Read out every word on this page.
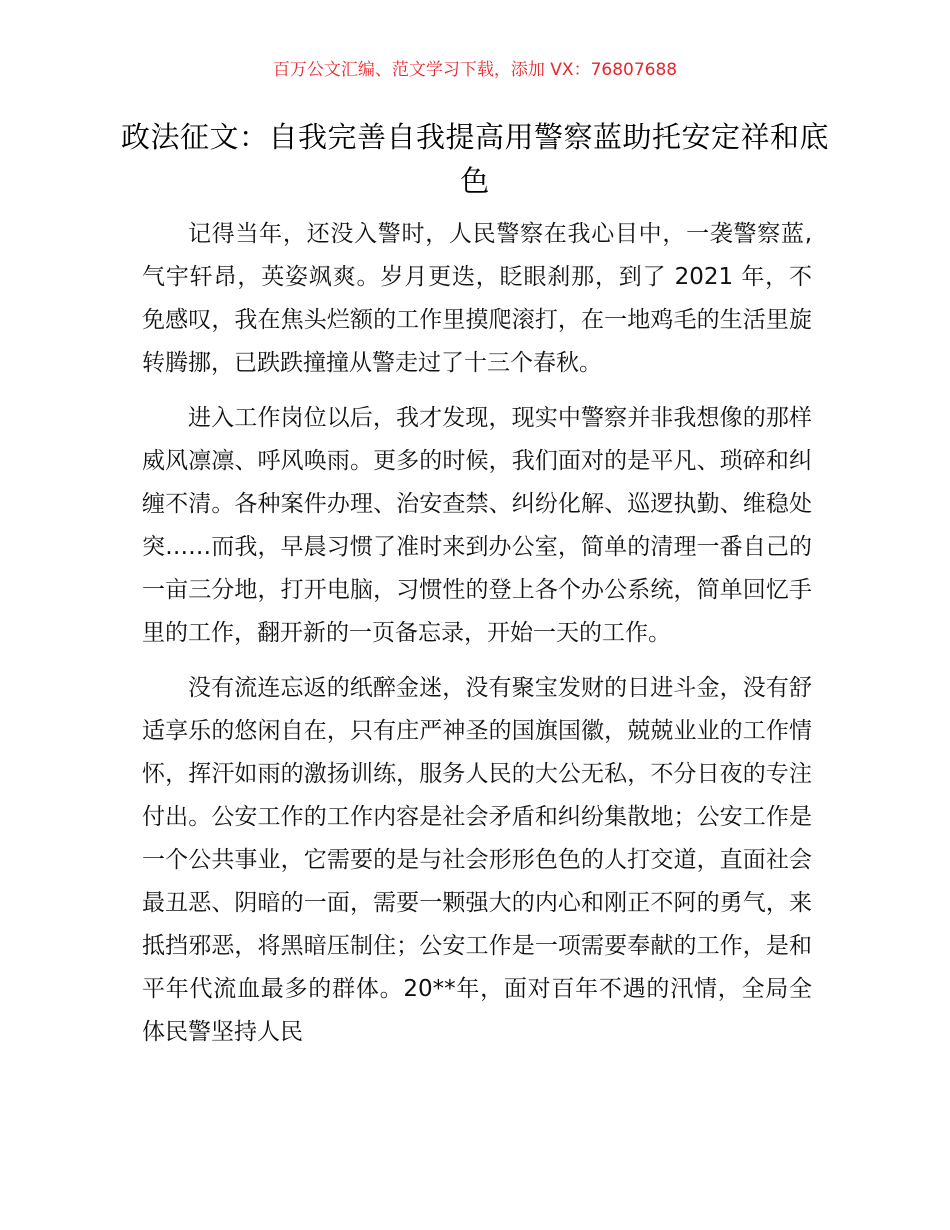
百万公文汇编、范文学习下载，添加 VX：76807688
政法征文：自我完善自我提高用警察蓝助托安定祥和底色

记得当年，还没入警时，人民警察在我心目中，一袭警察蓝,气宇轩昂，英姿飒爽。岁月更迭，眨眼刹那，到了 2021 年，不免感叹，我在焦头烂额的工作里摸爬滚打，在一地鸡毛的生活里旋转腾挪，已跌跌撞撞从警走过了十三个春秋。

进入工作岗位以后，我才发现，现实中警察并非我想像的那样威风凛凛、呼风唤雨。更多的时候，我们面对的是平凡、琐碎和纠缠不清。各种案件办理、治安查禁、纠纷化解、巡逻执勤、维稳处突……而我，早晨习惯了准时来到办公室，简单的清理一番自己的一亩三分地，打开电脑，习惯性的登上各个办公系统，简单回忆手里的工作，翻开新的一页备忘录，开始一天的工作。

没有流连忘返的纸醉金迷，没有聚宝发财的日进斗金，没有舒适享乐的悠闲自在，只有庄严神圣的国旗国徽，兢兢业业的工作情怀，挥汗如雨的激扬训练，服务人民的大公无私，不分日夜的专注付出。公安工作的工作内容是社会矛盾和纠纷集散地；公安工作是一个公共事业，它需要的是与社会形形色色的人打交道，直面社会最丑恶、阴暗的一面，需要一颗强大的内心和刚正不阿的勇气，来抵挡邪恶，将黑暗压制住；公安工作是一项需要奉献的工作，是和平年代流血最多的群体。20**年，面对百年不遇的汛情，全局全体民警坚持人民
